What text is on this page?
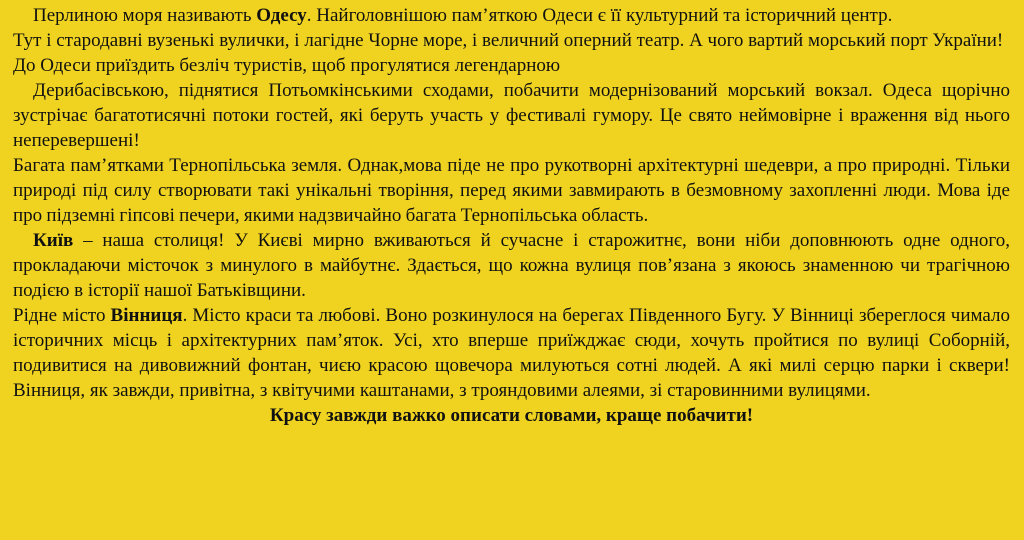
Перлиною моря називають Одесу. Найголовнішою пам’яткою Одеси є її культурний та історичний центр.

Тут і стародавні вузенькі вулички, і лагідне Чорне море, і величний оперний театр. А чого вартий морський порт України! До Одеси приїздить безліч туристів, щоб прогулятися легендарною

Дерибасівською, піднятися Потьомкінськими сходами, побачити модернізований морський вокзал. Одеса щорічно зустрічає багатотисячні потоки гостей, які беруть участь у фестивалі гумору. Це свято неймовірне і враження від нього неперевершені!

Багата пам’ятками Тернопільська земля. Однак,мова піде не про рукотворні архітектурні шедеври, а про природні. Тільки природі під силу створювати такі унікальні творіння, перед якими завмирають в безмовному захопленні люди. Мова іде про підземні гіпсові печери, якими надзвичайно багата Тернопільська область.

Київ – наша столиця! У Києві мирно вживаються й сучасне і старожитнє, вони ніби доповнюють одне одного, прокладаючи місточок з минулого в майбутнє. Здається, що кожна вулиця пов’язана з якоюсь знаменною чи трагічною подією в історії нашої Батьківщини.

Рідне місто Вінниця. Місто краси та любові. Воно розкинулося на берегах Південного Бугу. У Вінниці збереглося чимало історичних місць і архітектурних пам’яток. Усі, хто вперше приїжджає сюди, хочуть пройтися по вулиці Соборній, подивитися на дивовижний фонтан, чиєю красою щовечора милуються сотні людей. А які милі серцю парки і сквери! Вінниця, як завжди, привітна, з квітучими каштанами, з трояндовими алеями, зі старовинними вулицями.

Красу завжди важко описати словами, краще побачити!
